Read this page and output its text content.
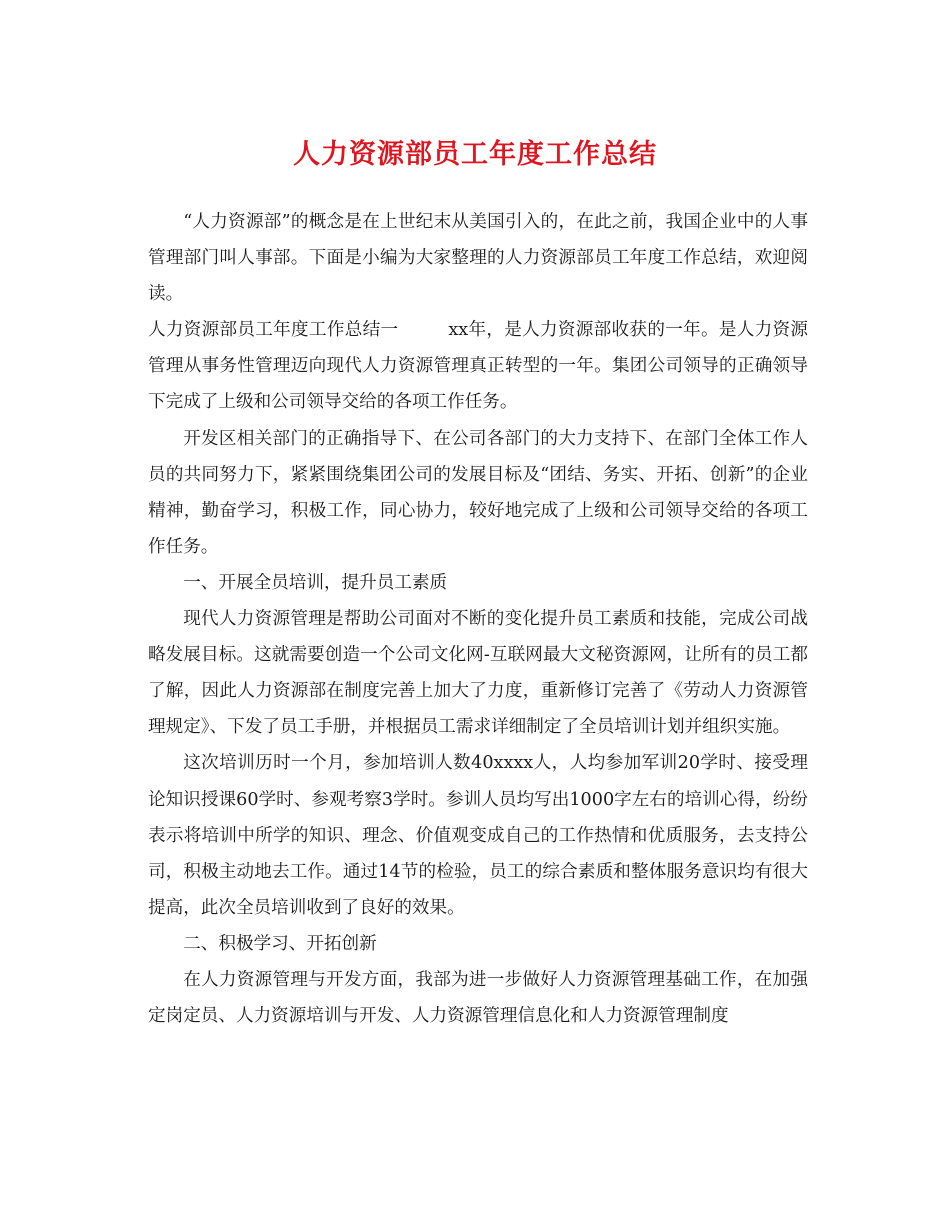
人力资源部员工年度工作总结

“人力资源部”的概念是在上世纪末从美国引入的，在此之前，我国企业中的人事管理部门叫人事部。下面是小编为大家整理的人力资源部员工年度工作总结，欢迎阅读。

人力资源部员工年度工作总结一	xx年，是人力资源部收获的一年。是人力资源管理从事务性管理迈向现代人力资源管理真正转型的一年。集团公司领导的正确领导下完成了上级和公司领导交给的各项工作任务。

开发区相关部门的正确指导下、在公司各部门的大力支持下、在部门全体工作人员的共同努力下，紧紧围绕集团公司的发展目标及“团结、务实、开拓、创新”的企业精神，勤奋学习，积极工作，同心协力，较好地完成了上级和公司领导交给的各项工作任务。

一、开展全员培训，提升员工素质

现代人力资源管理是帮助公司面对不断的变化提升员工素质和技能，完成公司战略发展目标。这就需要创造一个公司文化网-互联网最大文秘资源网，让所有的员工都了解，因此人力资源部在制度完善上加大了力度，重新修订完善了《劳动人力资源管理规定》、下发了员工手册，并根据员工需求详细制定了全员培训计划并组织实施。

这次培训历时一个月，参加培训人数40xxxx人，人均参加军训20学时、接受理论知识授课60学时、参观考察3学时。参训人员均写出1000字左右的培训心得，纷纷表示将培训中所学的知识、理念、价值观变成自己的工作热情和优质服务，去支持公司，积极主动地去工作。通过14节的检验，员工的综合素质和整体服务意识均有很大提高，此次全员培训收到了良好的效果。

二、积极学习、开拓创新

在人力资源管理与开发方面，我部为进一步做好人力资源管理基础工作，在加强定岗定员、人力资源培训与开发、人力资源管理信息化和人力资源管理制度
